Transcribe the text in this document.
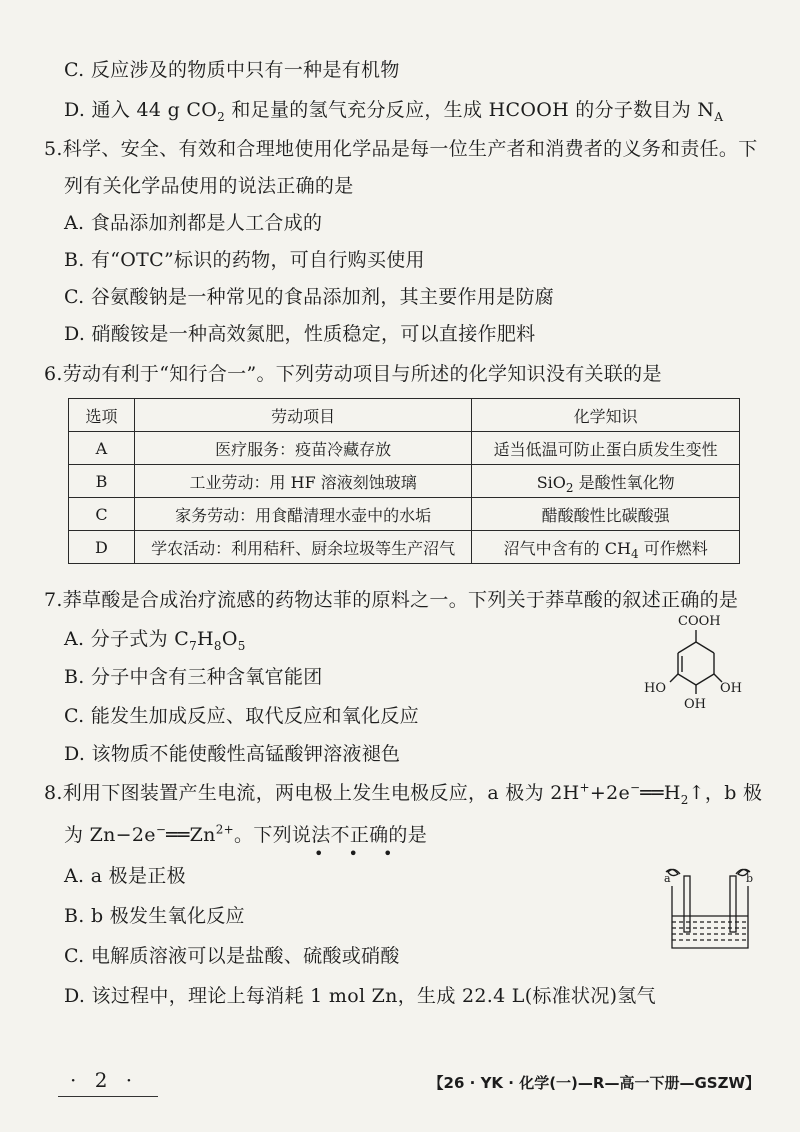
C. 反应涉及的物质中只有一种是有机物
D. 通入 44 g $CO_2$ 和足量的氢气充分反应，生成 HCOOH 的分子数目为 $N_A$
5.科学、安全、有效和合理地使用化学品是每一位生产者和消费者的义务和责任。下
列有关化学品使用的说法正确的是
A. 食品添加剂都是人工合成的
B. 有“OTC”标识的药物，可自行购买使用
C. 谷氨酸钠是一种常见的食品添加剂，其主要作用是防腐
D. 硝酸铵是一种高效氮肥，性质稳定，可以直接作肥料
6.劳动有利于“知行合一”。下列劳动项目与所述的化学知识没有关联的是
选项	劳动项目	化学知识
A	医疗服务：疫苗冷藏存放	适当低温可防止蛋白质发生变性
B	工业劳动：用 HF 溶液刻蚀玻璃	SiO$_2$ 是酸性氧化物
C	家务劳动：用食醋清理水壶中的水垢	醋酸酸性比碳酸强
D	学农活动：利用秸秆、厨余垃圾等生产沼气	沼气中含有的 $CH_4$ 可作燃料
7.莽草酸是合成治疗流感的药物达菲的原料之一。下列关于莽草酸的叙述正确的是
A. 分子式为 $C_7H_8O_5$
B. 分子中含有三种含氧官能团
C. 能发生加成反应、取代反应和氧化反应
D. 该物质不能使酸性高锰酸钾溶液褪色
COOH
HO	OH
OH
8.利用下图装置产生电流，两电极上发生电极反应，a 极为 $2H^++2e^-══H_2↑$，b 极
为 $Zn-2e^-══Zn^{2+}$。下列说法不正确的是
• • •
A. a 极是正极
B. b 极发生氧化反应
C. 电解质溶液可以是盐酸、硫酸或硝酸
D. 该过程中，理论上每消耗 1 mol Zn，生成 22.4 L(标准状况)氢气
a	b
· 2 ·	【26 · YK · 化学(一)—R—高一下册—GSZW】
